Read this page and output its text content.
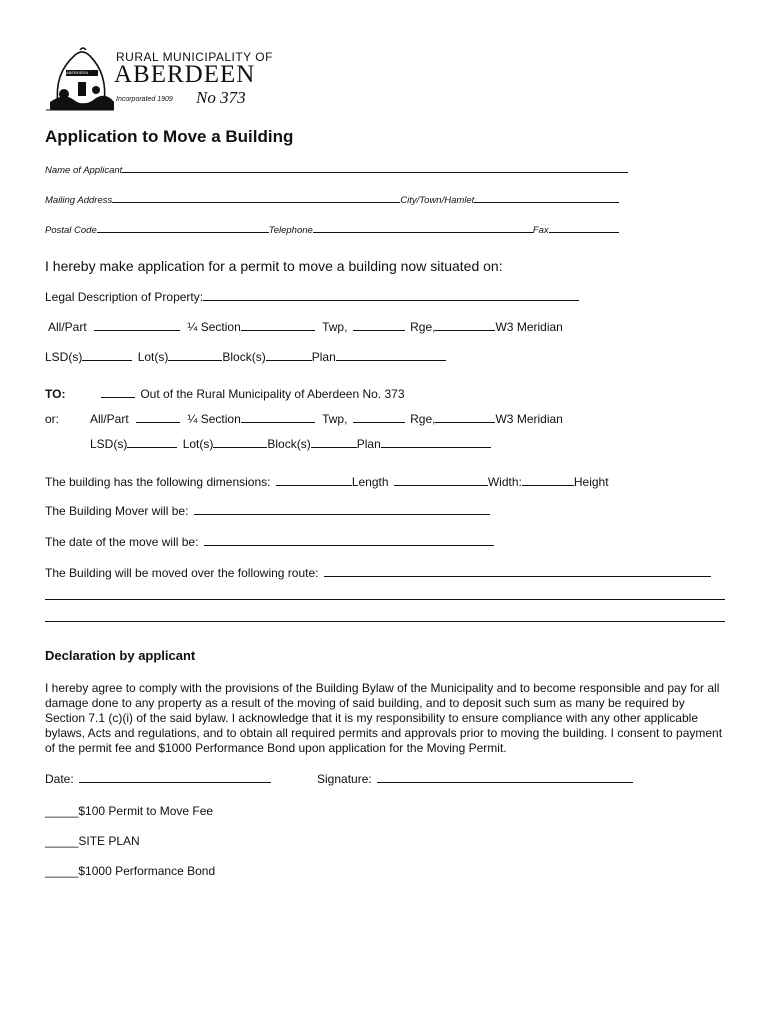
ABERDEEN
RURAL MUNICIPALITY OF
ABERDEEN
Incorporated 1909 No 373
Application to Move a Building
Name of Applicant
Mailing Address	City/Town/Hamlet
Postal Code	Telephone	Fax
I hereby make application for a permit to move a building now situated on:
Legal Description of Property:
All/Part	¼ Section	Twp,	Rge,	W3 Meridian
LSD(s)	Lot(s)	Block(s)	Plan
TO:	Out of the Rural Municipality of Aberdeen No. 373
or:	All/Part	¼ Section	Twp,	Rge,	W3 Meridian
LSD(s)	Lot(s)	Block(s)	Plan
The building has the following dimensions:	Length	Width:	Height
The Building Mover will be:
The date of the move will be:
The Building will be moved over the following route:
Declaration by applicant
I hereby agree to comply with the provisions of the Building Bylaw of the Municipality and to become responsible and pay for all damage done to any property as a result of the moving of said building, and to deposit such sum as many be required by Section 7.1 (c)(i) of the said bylaw. I acknowledge that it is my responsibility to ensure compliance with any other applicable bylaws, Acts and regulations, and to obtain all required permits and approvals prior to moving the building. I consent to payment of the permit fee and $1000 Performance Bond upon application for the Moving Permit.
Date:	Signature:
_____$100 Permit to Move Fee
_____SITE PLAN
_____$1000 Performance Bond
